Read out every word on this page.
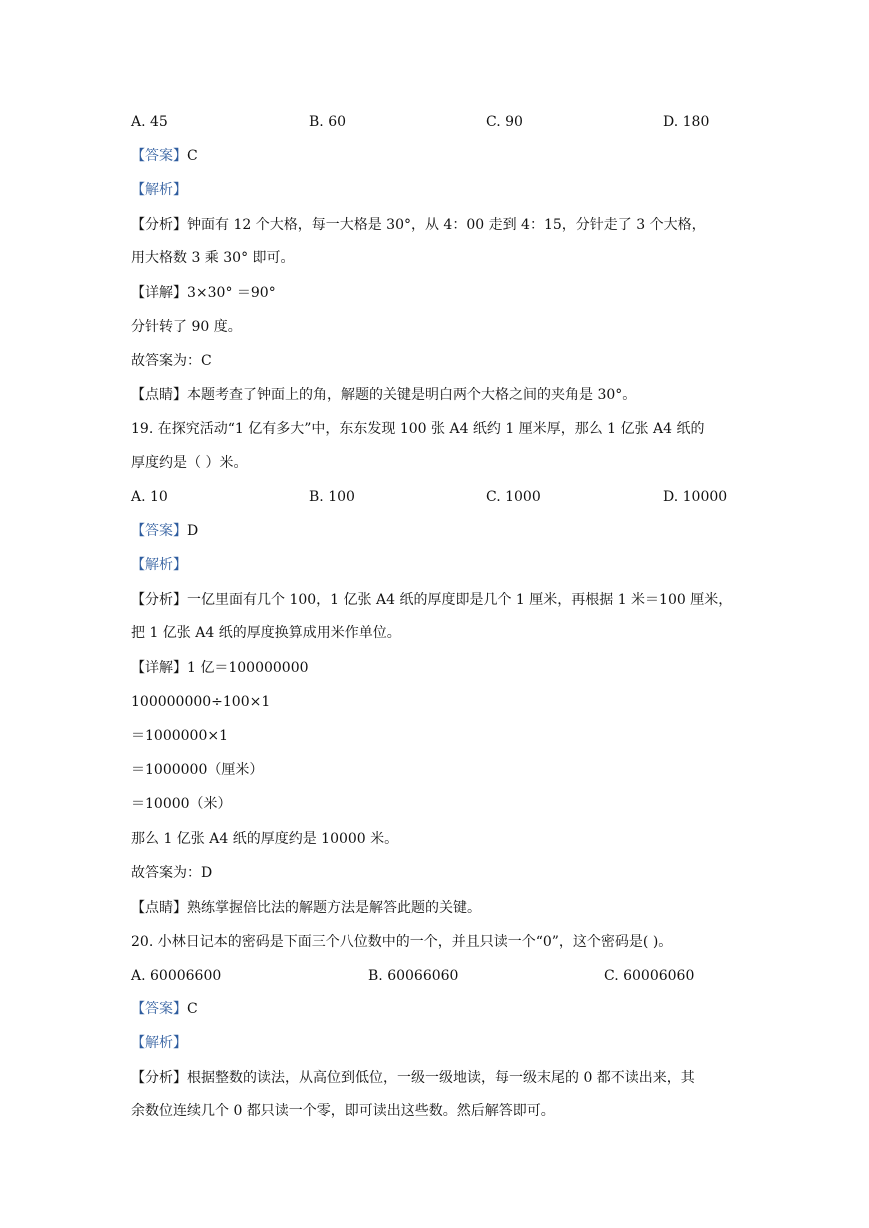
A. 45	B. 60	C. 90	D. 180
【答案】C
【解析】
【分析】钟面有 12 个大格，每一大格是 30°，从 4：00 走到 4：15，分针走了 3 个大格，
用大格数 3 乘 30° 即可。
【详解】3×30° ＝90°
分针转了 90 度。
故答案为：C
【点睛】本题考查了钟面上的角，解题的关键是明白两个大格之间的夹角是 30°。
19. 在探究活动“1 亿有多大”中，东东发现 100 张 A4 纸约 1 厘米厚，那么 1 亿张 A4 纸的
厚度约是（ ）米。
A. 10	B. 100	C. 1000	D. 10000
【答案】D
【解析】
【分析】一亿里面有几个 100，1 亿张 A4 纸的厚度即是几个 1 厘米，再根据 1 米＝100 厘米，
把 1 亿张 A4 纸的厚度换算成用米作单位。
【详解】1 亿＝100000000
100000000÷100×1
＝1000000×1
＝1000000（厘米）
＝10000（米）
那么 1 亿张 A4 纸的厚度约是 10000 米。
故答案为：D
【点睛】熟练掌握倍比法的解题方法是解答此题的关键。
20. 小林日记本的密码是下面三个八位数中的一个，并且只读一个“0”，这个密码是( )。
A. 60006600	B. 60066060	C. 60006060
【答案】C
【解析】
【分析】根据整数的读法，从高位到低位，一级一级地读，每一级末尾的 0 都不读出来，其
余数位连续几个 0 都只读一个零，即可读出这些数。然后解答即可。
